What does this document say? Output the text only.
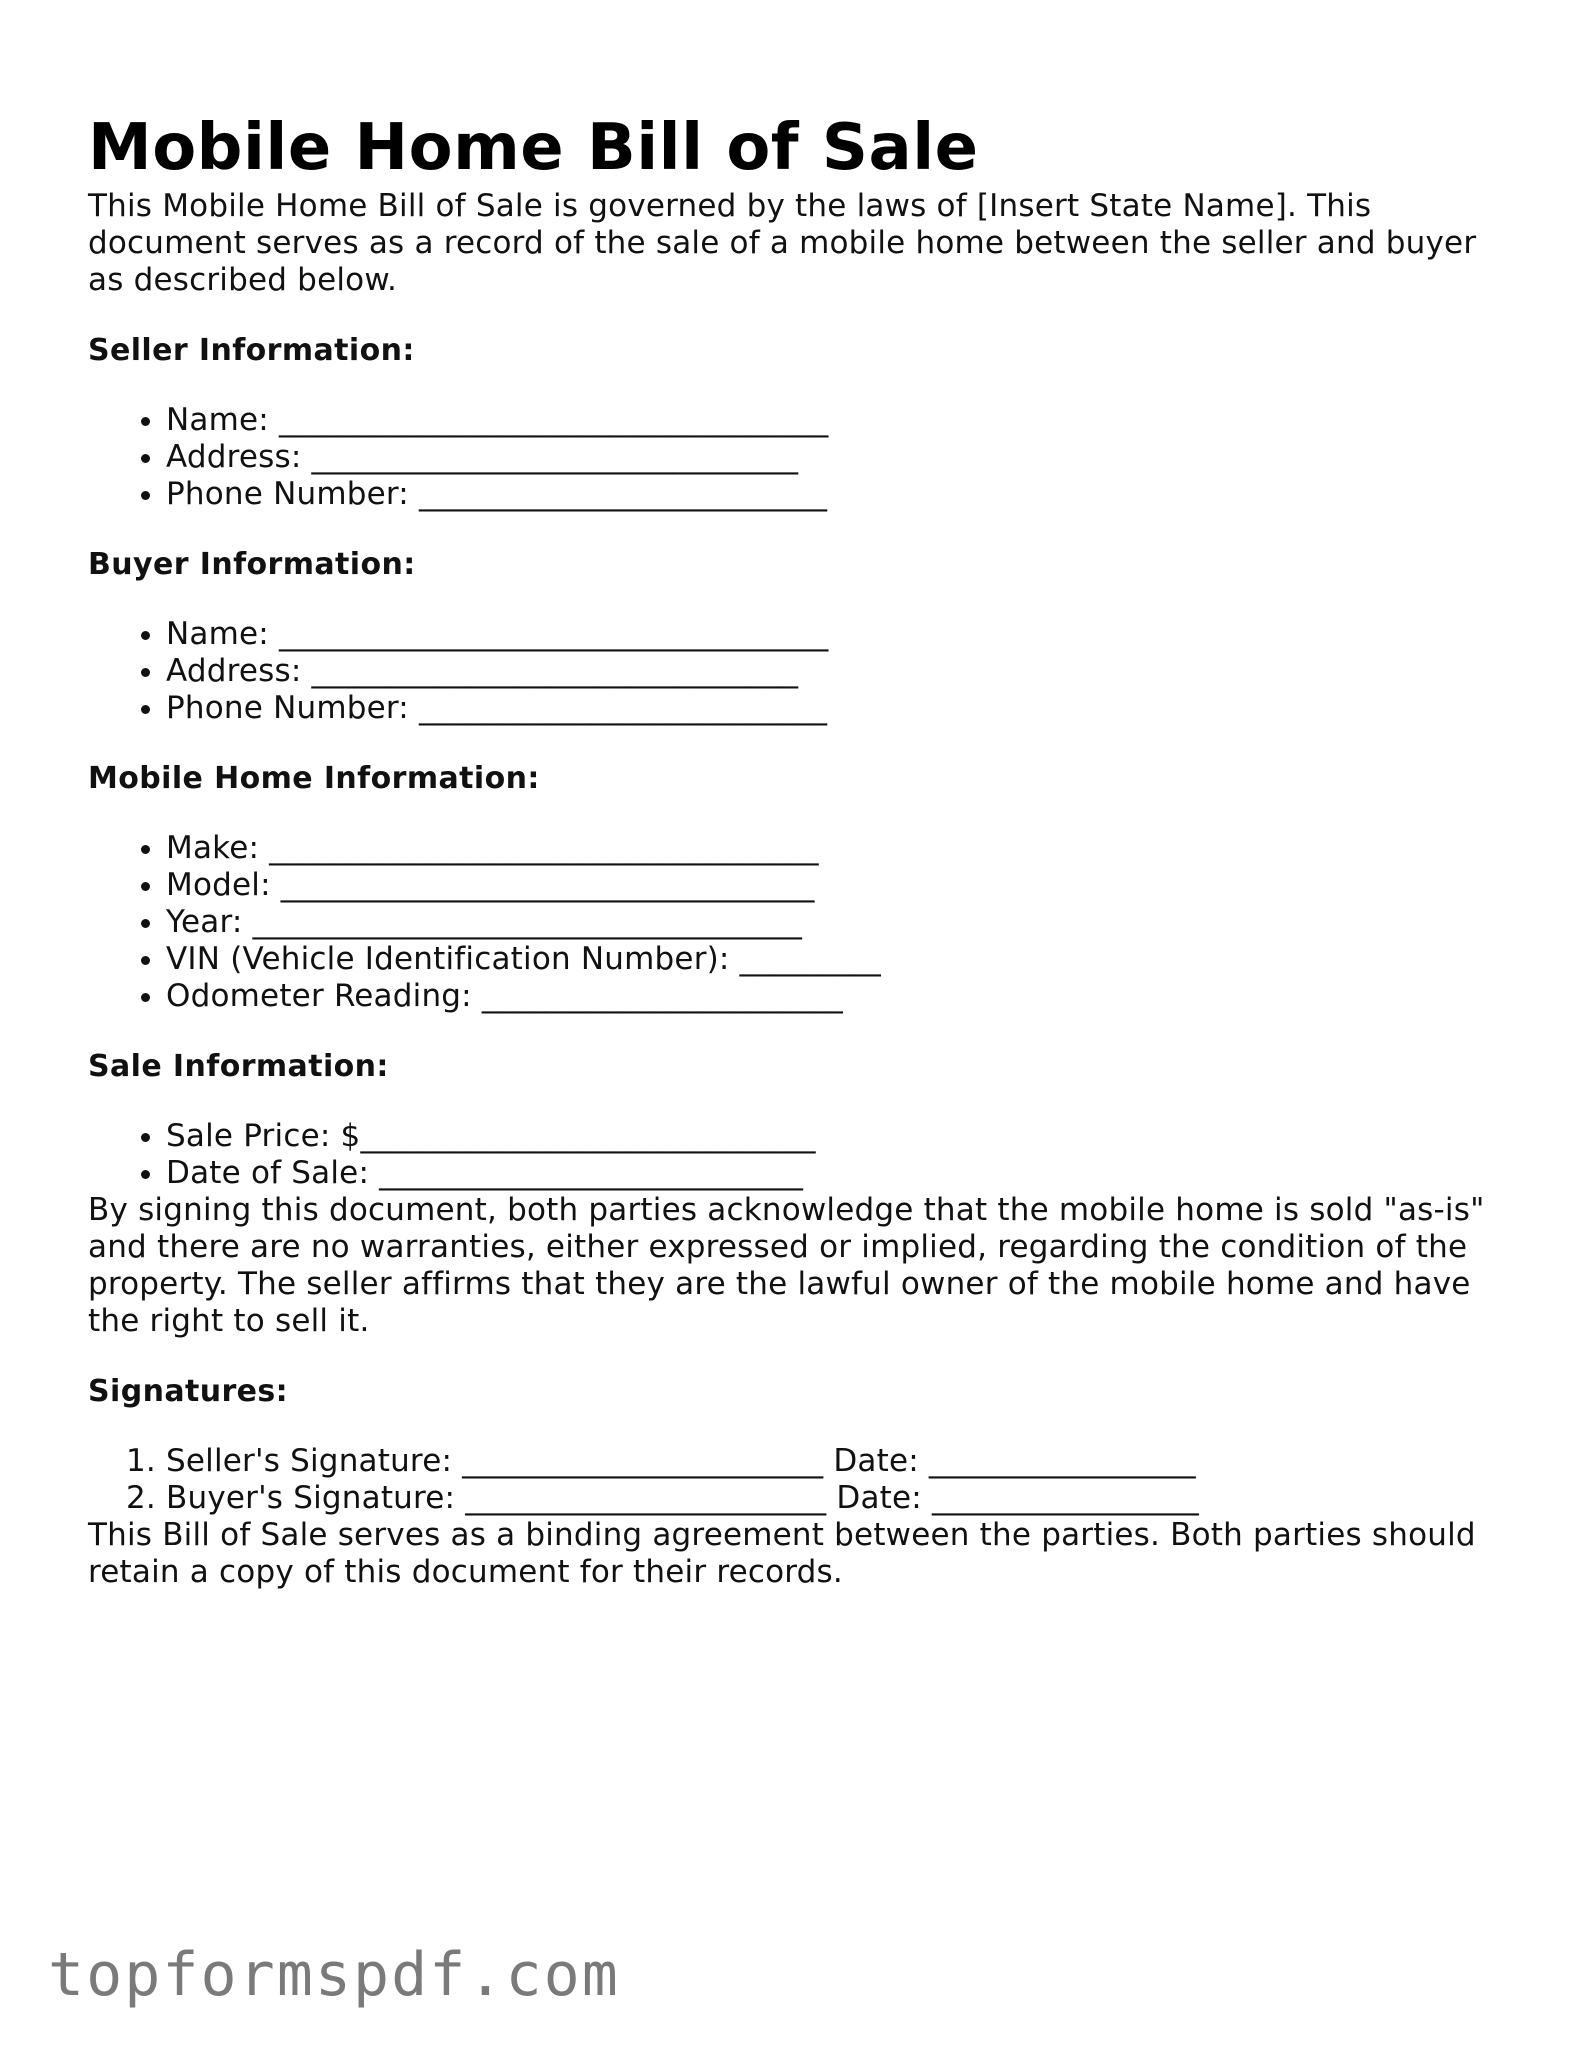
Mobile Home Bill of Sale

This Mobile Home Bill of Sale is governed by the laws of [Insert State Name]. This document serves as a record of the sale of a mobile home between the seller and buyer as described below.

Seller Information:
• Name: ___________________________________
• Address: _______________________________
• Phone Number: __________________________
Buyer Information:
• Name: ___________________________________
• Address: _______________________________
• Phone Number: __________________________
Mobile Home Information:
• Make: ___________________________________
• Model: __________________________________
• Year: ___________________________________
• VIN (Vehicle Identification Number): _________
• Odometer Reading: _______________________
Sale Information:
• Sale Price: $_____________________________
• Date of Sale: ___________________________

By signing this document, both parties acknowledge that the mobile home is sold "as-is" and there are no warranties, either expressed or implied, regarding the condition of the property. The seller affirms that they are the lawful owner of the mobile home and have the right to sell it.

Signatures:
1. Seller's Signature: _______________________ Date: _________________
2. Buyer's Signature: _______________________ Date: _________________

This Bill of Sale serves as a binding agreement between the parties. Both parties should retain a copy of this document for their records.

topformspdf.com
